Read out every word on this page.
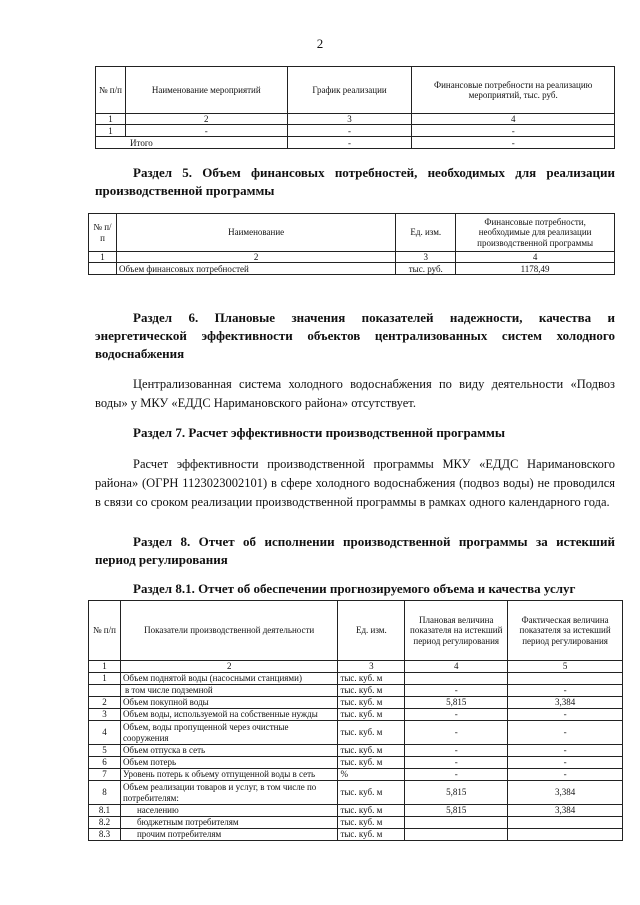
2
№ п/п	Наименование мероприятий	График реализации	Финансовые потребности на реализацию мероприятий, тыс. руб.
1	2	3	4
1	-	-	-
Итого		-	-
Раздел 5. Объем финансовых потребностей, необходимых для реализации производственной программы
№ п/п	Наименование	Ед. изм.	Финансовые потребности, необходимые для реализации производственной программы
1	2	3	4
	Объем финансовых потребностей	тыс. руб.	1178,49
Раздел 6. Плановые значения показателей надежности, качества и энергетической эффективности объектов централизованных систем холодного водоснабжения
Централизованная система холодного водоснабжения по виду деятельности «Подвоз воды» у МКУ «ЕДДС Наримановского района» отсутствует.
Раздел 7. Расчет эффективности производственной программы
Расчет эффективности производственной программы МКУ «ЕДДС Наримановского района» (ОГРН 1123023002101) в сфере холодного водоснабжения (подвоз воды) не проводился в связи со сроком реализации производственной программы в рамках одного календарного года.
Раздел 8. Отчет об исполнении производственной программы за истекший период регулирования
Раздел 8.1. Отчет об обеспечении прогнозируемого объема и качества услуг
№ п/п	Показатели производственной деятельности	Ед. изм.	Плановая величина показателя на истекший период регулирования	Фактическая величина показателя за истекший период регулирования
1	2	3	4	5
1	Объем поднятой воды (насосными станциями)	тыс. куб. м		
	в том числе подземной	тыс. куб. м	-	-
2	Объем покупной воды	тыс. куб. м	5,815	3,384
3	Объем воды, используемой на собственные нужды	тыс. куб. м	-	-
4	Объем, воды пропущенной через очистные сооружения	тыс. куб. м	-	-
5	Объем отпуска в сеть	тыс. куб. м	-	-
6	Объем потерь	тыс. куб. м	-	-
7	Уровень потерь к объему отпущенной воды в сеть	%	-	-
8	Объем реализации товаров и услуг, в том числе по потребителям:	тыс. куб. м	5,815	3,384
8.1	населению	тыс. куб. м	5,815	3,384
8.2	бюджетным потребителям	тыс. куб. м		
8.3	прочим потребителям	тыс. куб. м		
